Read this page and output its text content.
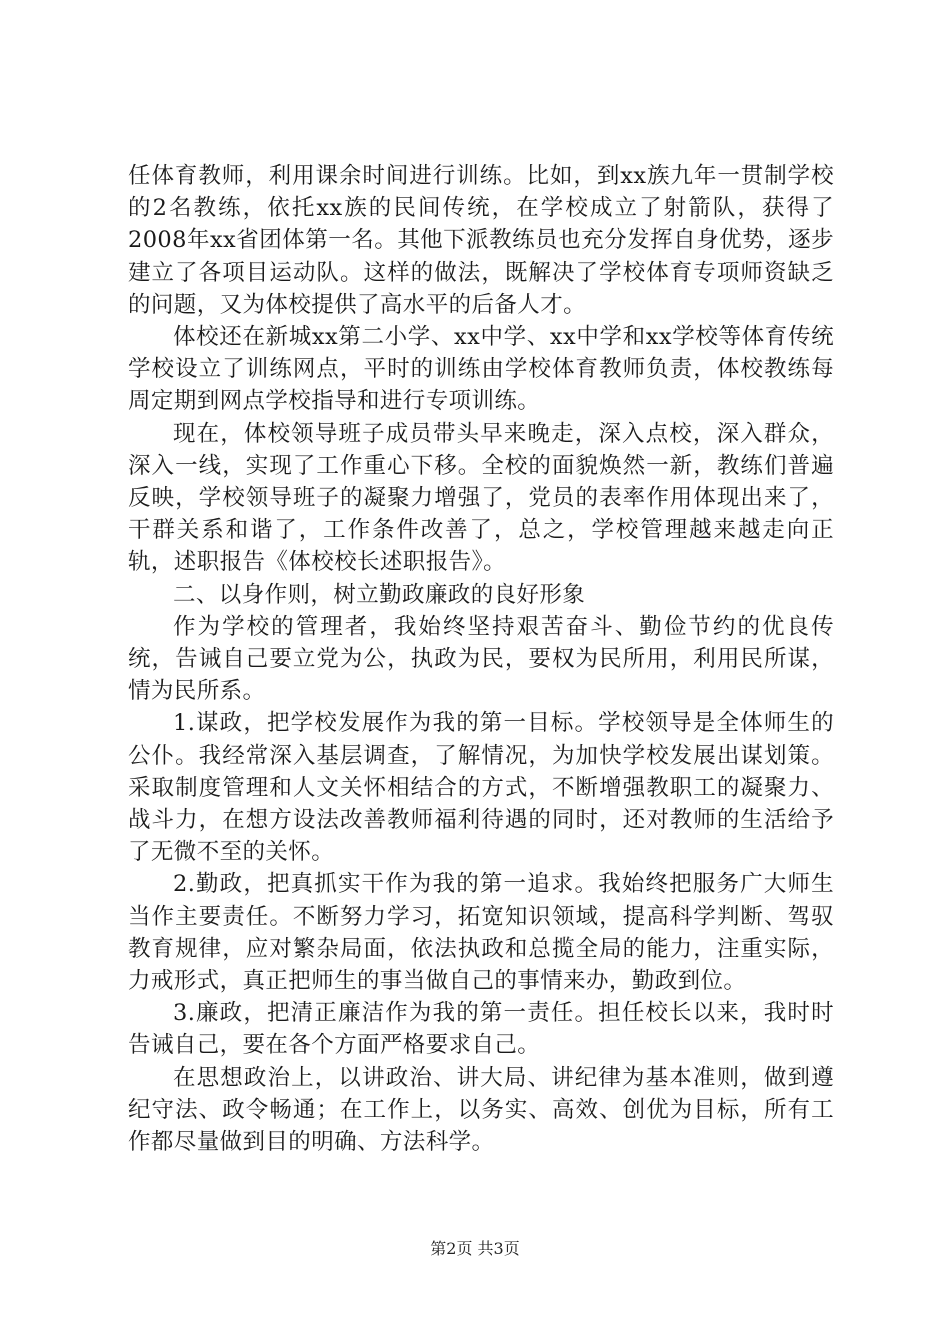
任体育教师，利用课余时间进行训练。比如，到xx族九年一贯制学校的2名教练，依托xx族的民间传统，在学校成立了射箭队，获得了2008年xx省团体第一名。其他下派教练员也充分发挥自身优势，逐步建立了各项目运动队。这样的做法，既解决了学校体育专项师资缺乏的问题，又为体校提供了高水平的后备人才。

体校还在新城xx第二小学、xx中学、xx中学和xx学校等体育传统学校设立了训练网点，平时的训练由学校体育教师负责，体校教练每周定期到网点学校指导和进行专项训练。

现在，体校领导班子成员带头早来晚走，深入点校，深入群众，深入一线，实现了工作重心下移。全校的面貌焕然一新，教练们普遍反映，学校领导班子的凝聚力增强了，党员的表率作用体现出来了，干群关系和谐了，工作条件改善了，总之，学校管理越来越走向正轨，述职报告《体校校长述职报告》。

二、以身作则，树立勤政廉政的良好形象

作为学校的管理者，我始终坚持艰苦奋斗、勤俭节约的优良传统，告诫自己要立党为公，执政为民，要权为民所用，利用民所谋，情为民所系。

1.谋政，把学校发展作为我的第一目标。学校领导是全体师生的公仆。我经常深入基层调查，了解情况，为加快学校发展出谋划策。采取制度管理和人文关怀相结合的方式，不断增强教职工的凝聚力、战斗力，在想方设法改善教师福利待遇的同时，还对教师的生活给予了无微不至的关怀。

2.勤政，把真抓实干作为我的第一追求。我始终把服务广大师生当作主要责任。不断努力学习，拓宽知识领域，提高科学判断、驾驭教育规律，应对繁杂局面，依法执政和总揽全局的能力，注重实际，力戒形式，真正把师生的事当做自己的事情来办，勤政到位。

3.廉政，把清正廉洁作为我的第一责任。担任校长以来，我时时告诫自己，要在各个方面严格要求自己。

在思想政治上，以讲政治、讲大局、讲纪律为基本准则，做到遵纪守法、政令畅通；在工作上，以务实、高效、创优为目标，所有工作都尽量做到目的明确、方法科学。

第2页 共3页
